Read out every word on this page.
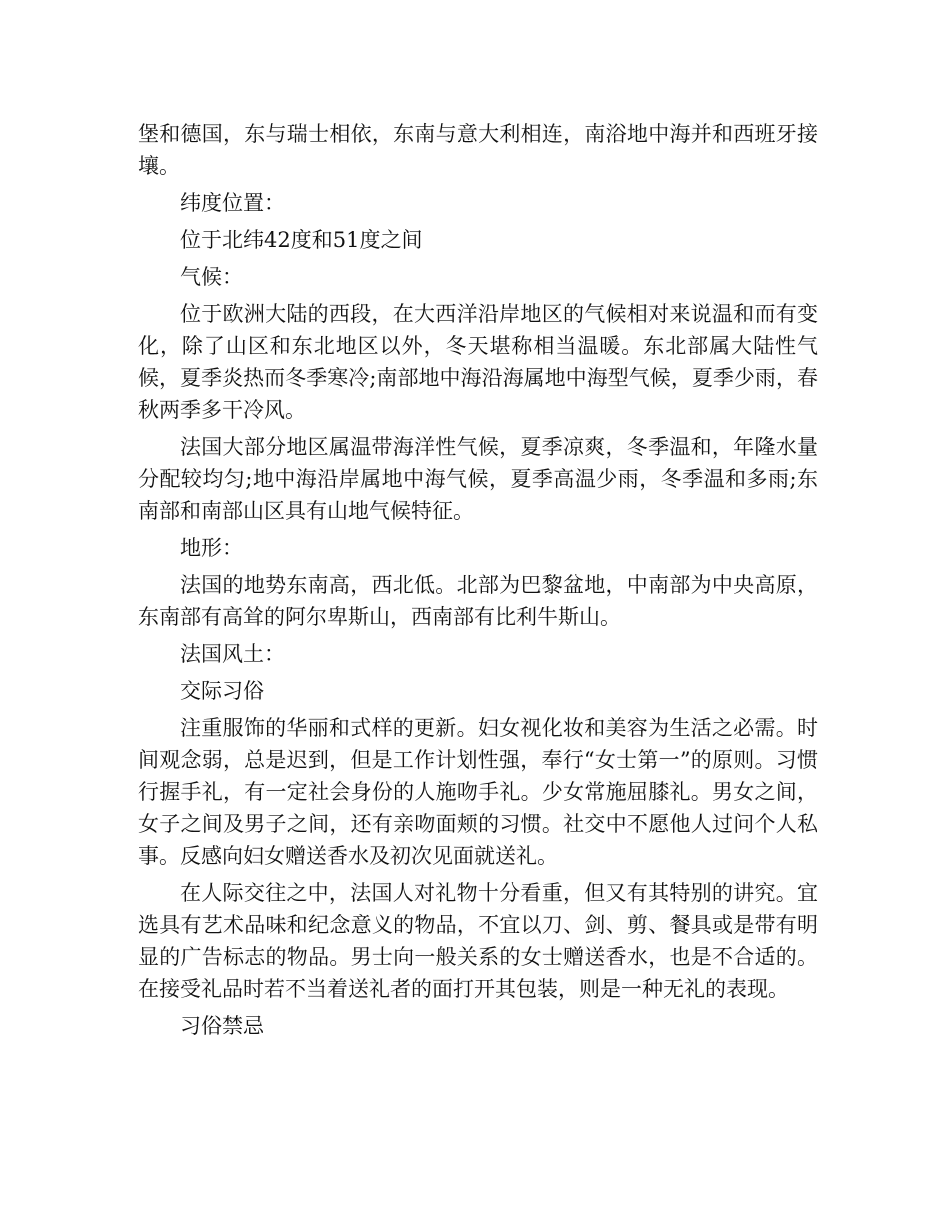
堡和德国，东与瑞士相依，东南与意大利相连，南浴地中海并和西班牙接壤。

纬度位置：

位于北纬42度和51度之间

气候：

位于欧洲大陆的西段，在大西洋沿岸地区的气候相对来说温和而有变化，除了山区和东北地区以外，冬天堪称相当温暖。东北部属大陆性气候，夏季炎热而冬季寒冷;南部地中海沿海属地中海型气候，夏季少雨，春秋两季多干冷风。

法国大部分地区属温带海洋性气候，夏季凉爽，冬季温和，年隆水量分配较均匀;地中海沿岸属地中海气候，夏季高温少雨，冬季温和多雨;东南部和南部山区具有山地气候特征。

地形：

法国的地势东南高，西北低。北部为巴黎盆地，中南部为中央高原，东南部有高耸的阿尔卑斯山，西南部有比利牛斯山。

法国风土：

交际习俗

注重服饰的华丽和式样的更新。妇女视化妆和美容为生活之必需。时间观念弱，总是迟到，但是工作计划性强，奉行“女士第一”的原则。习惯行握手礼，有一定社会身份的人施吻手礼。少女常施屈膝礼。男女之间，女子之间及男子之间，还有亲吻面颊的习惯。社交中不愿他人过问个人私事。反感向妇女赠送香水及初次见面就送礼。

在人际交往之中，法国人对礼物十分看重，但又有其特别的讲究。宜选具有艺术品味和纪念意义的物品，不宜以刀、剑、剪、餐具或是带有明显的广告标志的物品。男士向一般关系的女士赠送香水，也是不合适的。在接受礼品时若不当着送礼者的面打开其包装，则是一种无礼的表现。

习俗禁忌
